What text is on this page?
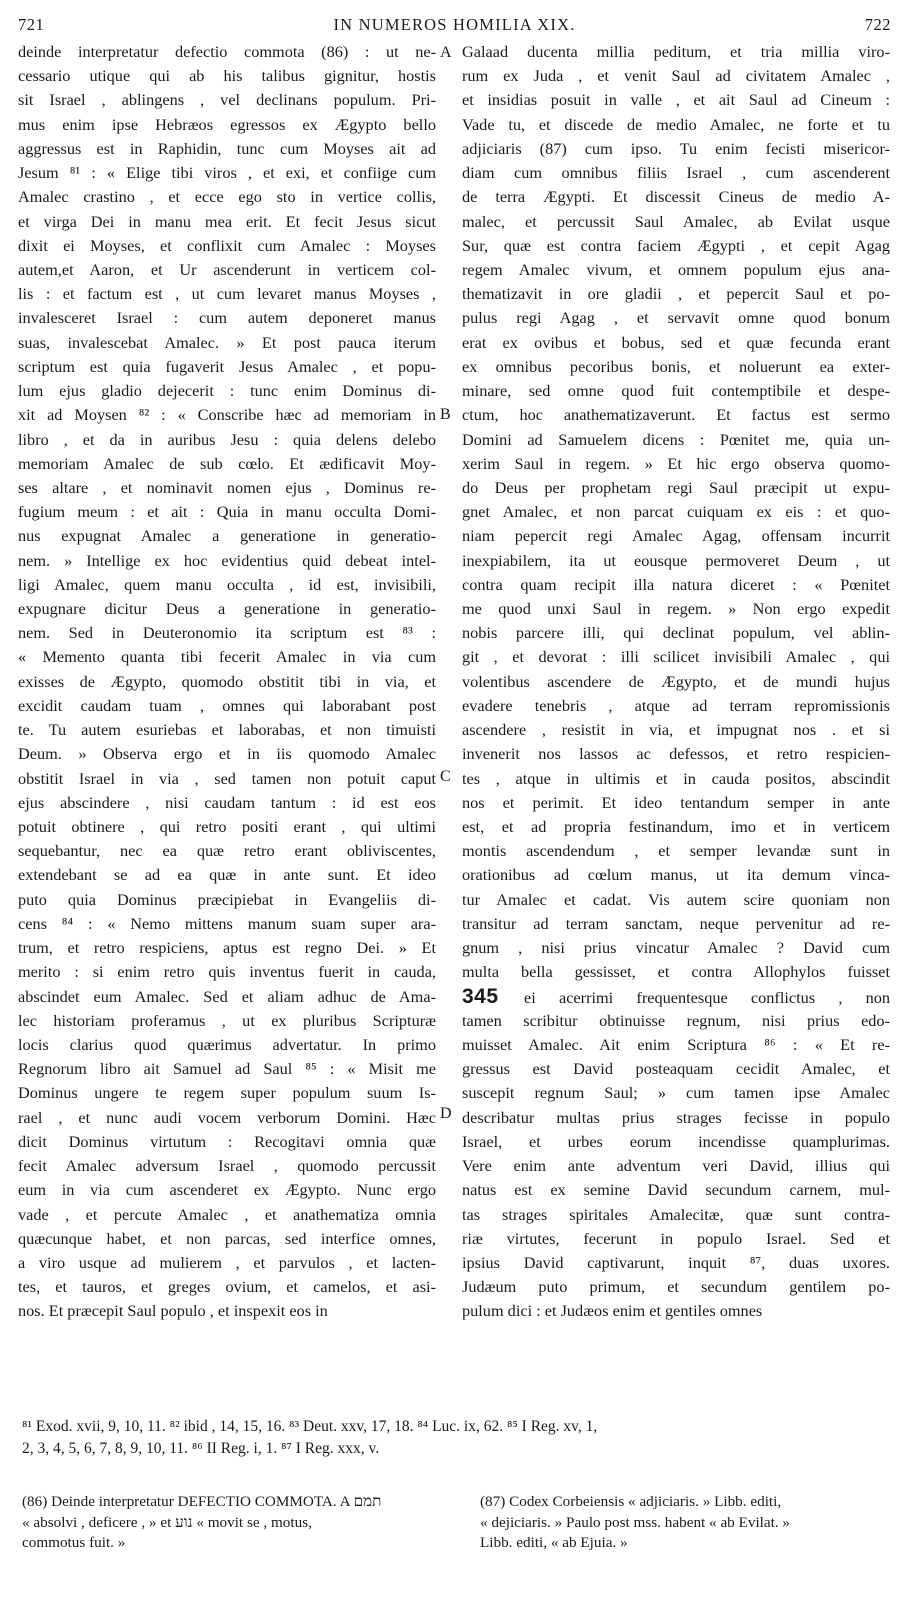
721	IN NUMEROS HOMILIA XIX.	722
deinde interpretatur defectio commota (86) : ut ne-
cessario utique qui ab his talibus gignitur, hostis
sit Israel , ablingens , vel declinans populum. Pri-
mus enim ipse Hebræos egressos ex Ægypto bello
aggressus est in Raphidin, tunc cum Moyses ait ad
Jesum ⁸¹ : « Elige tibi viros , et exi, et confiige cum
Amalec crastino , et ecce ego sto in vertice collis,
et virga Dei in manu mea erit. Et fecit Jesus sicut
dixit ei Moyses, et conflixit cum Amalec : Moyses
autem,et Aaron, et Ur ascenderunt in verticem col-
lis : et factum est , ut cum levaret manus Moyses ,
invalesceret Israel : cum autem deponeret manus
suas, invalescebat Amalec. » Et post pauca iterum
scriptum est quia fugaverit Jesus Amalec , et popu-
lum ejus gladio dejecerit : tunc enim Dominus di-
xit ad Moysen ⁸² : « Conscribe hæc ad memoriam in
libro , et da in auribus Jesu : quia delens delebo
memoriam Amalec de sub cœlo. Et ædificavit Moy-
ses altare , et nominavit nomen ejus , Dominus re-
fugium meum : et ait : Quia in manu occulta Domi-
nus expugnat Amalec a generatione in generatio-
nem. » Intellige ex hoc evidentius quid debeat intel-
ligi Amalec, quem manu occulta , id est, invisibili,
expugnare dicitur Deus a generatione in generatio-
nem. Sed in Deuteronomio ita scriptum est ⁸³ :
« Memento quanta tibi fecerit Amalec in via cum
exisses de Ægypto, quomodo obstitit tibi in via, et
excidit caudam tuam , omnes qui laborabant post
te. Tu autem esuriebas et laborabas, et non timuisti
Deum. » Observa ergo et in iis quomodo Amalec
obstitit Israel in via , sed tamen non potuit caput
ejus abscindere , nisi caudam tantum : id est eos
potuit obtinere , qui retro positi erant , qui ultimi
sequebantur, nec ea quæ retro erant obliviscentes,
extendebant se ad ea quæ in ante sunt. Et ideo
puto quia Dominus præcipiebat in Evangeliis di-
cens ⁸⁴ : « Nemo mittens manum suam super ara-
trum, et retro respiciens, aptus est regno Dei. » Et
merito : si enim retro quis inventus fuerit in cauda,
abscindet eum Amalec. Sed et aliam adhuc de Ama-
lec historiam proferamus , ut ex pluribus Scripturæ
locis clarius quod quærimus advertatur. In primo
Regnorum libro ait Samuel ad Saul ⁸⁵ : « Misit me
Dominus ungere te regem super populum suum Is-
rael , et nunc audi vocem verborum Domini. Hæc
dicit Dominus virtutum : Recogitavi omnia quæ
fecit Amalec adversum Israel , quomodo percussit
eum in via cum ascenderet ex Ægypto. Nunc ergo
vade , et percute Amalec , et anathematiza omnia
quæcunque habet, et non parcas, sed interfice omnes,
a viro usque ad mulierem , et parvulos , et lacten-
tes, et tauros, et greges ovium, et camelos, et asi-
nos. Et præcepit Saul populo , et inspexit eos in
Galaad ducenta millia peditum, et tria millia viro-
rum ex Juda , et venit Saul ad civitatem Amalec ,
et insidias posuit in valle , et ait Saul ad Cineum :
Vade tu, et discede de medio Amalec, ne forte et tu
adjiciaris (87) cum ipso. Tu enim fecisti misericor-
diam cum omnibus filiis Israel , cum ascenderent
de terra Ægypti. Et discessit Cineus de medio A-
malec, et percussit Saul Amalec, ab Evilat usque
Sur, quæ est contra faciem Ægypti , et cepit Agag
regem Amalec vivum, et omnem populum ejus ana-
thematizavit in ore gladii , et pepercit Saul et po-
pulus regi Agag , et servavit omne quod bonum
erat ex ovibus et bobus, sed et quæ fecunda erant
ex omnibus pecoribus bonis, et noluerunt ea exter-
minare, sed omne quod fuit contemptibile et despe-
ctum, hoc anathematizaverunt. Et factus est sermo
Domini ad Samuelem dicens : Pœnitet me, quia un-
xerim Saul in regem. » Et hic ergo observa quomo-
do Deus per prophetam regi Saul præcipit ut expu-
gnet Amalec, et non parcat cuiquam ex eis : et quo-
niam pepercit regi Amalec Agag, offensam incurrit
inexpiabilem, ita ut eousque permoveret Deum , ut
contra quam recipit illa natura diceret : « Pœnitet
me quod unxi Saul in regem. » Non ergo expedit
nobis parcere illi, qui declinat populum, vel ablin-
git , et devorat : illi scilicet invisibili Amalec , qui
volentibus ascendere de Ægypto, et de mundi hujus
evadere tenebris , atque ad terram repromissionis
ascendere , resistit in via, et impugnat nos . et si
invenerit nos lassos ac defessos, et retro respicien-
tes , atque in ultimis et in cauda positos, abscindit
nos et perimit. Et ideo tentandum semper in ante
est, et ad propria festinandum, imo et in verticem
montis ascendendum , et semper levandæ sunt in
orationibus ad cœlum manus, ut ita demum vinca-
tur Amalec et cadat. Vis autem scire quoniam non
transitur ad terram sanctam, neque pervenitur ad re-
gnum , nisi prius vincatur Amalec ? David cum
multa bella gessisset, et contra Allophylos fuisset
345 ei acerrimi frequentesque conflictus , non
tamen scribitur obtinuisse regnum, nisi prius edo-
muisset Amalec. Ait enim Scriptura ⁸⁶ : « Et re-
gressus est David posteaquam cecidit Amalec, et
suscepit regnum Saul; » cum tamen ipse Amalec
describatur multas prius strages fecisse in populo
Israel, et urbes eorum incendisse quamplurimas.
Vere enim ante adventum veri David, illius qui
natus est ex semine David secundum carnem, mul-
tas strages spiritales Amalecitæ, quæ sunt contra-
riæ virtutes, fecerunt in populo Israel. Sed et
ipsius David captivarunt, inquit ⁸⁷, duas uxores.
Judæum puto primum, et secundum gentilem po-
pulum dici : et Judæos enim et gentiles omnes
A
B
C
D
⁸¹ Exod. xvii, 9, 10, 11. ⁸² ibid , 14, 15, 16. ⁸³ Deut. xxv, 17, 18. ⁸⁴ Luc. ix, 62. ⁸⁵ I Reg. xv, 1,
2, 3, 4, 5, 6, 7, 8, 9, 10, 11. ⁸⁶ II Reg. i, 1. ⁸⁷ I Reg. xxx, v.
(86) Deinde interpretatur DEFECTIO COMMOTA. A תמם
« absolvi , deficere , » et נוע « movit se , motus,
commotus fuit. »
(87) Codex Corbeiensis « adjiciaris. » Libb. editi,
« dejiciaris. » Paulo post mss. habent « ab Evilat. »
Libb. editi, « ab Ejuia. »
